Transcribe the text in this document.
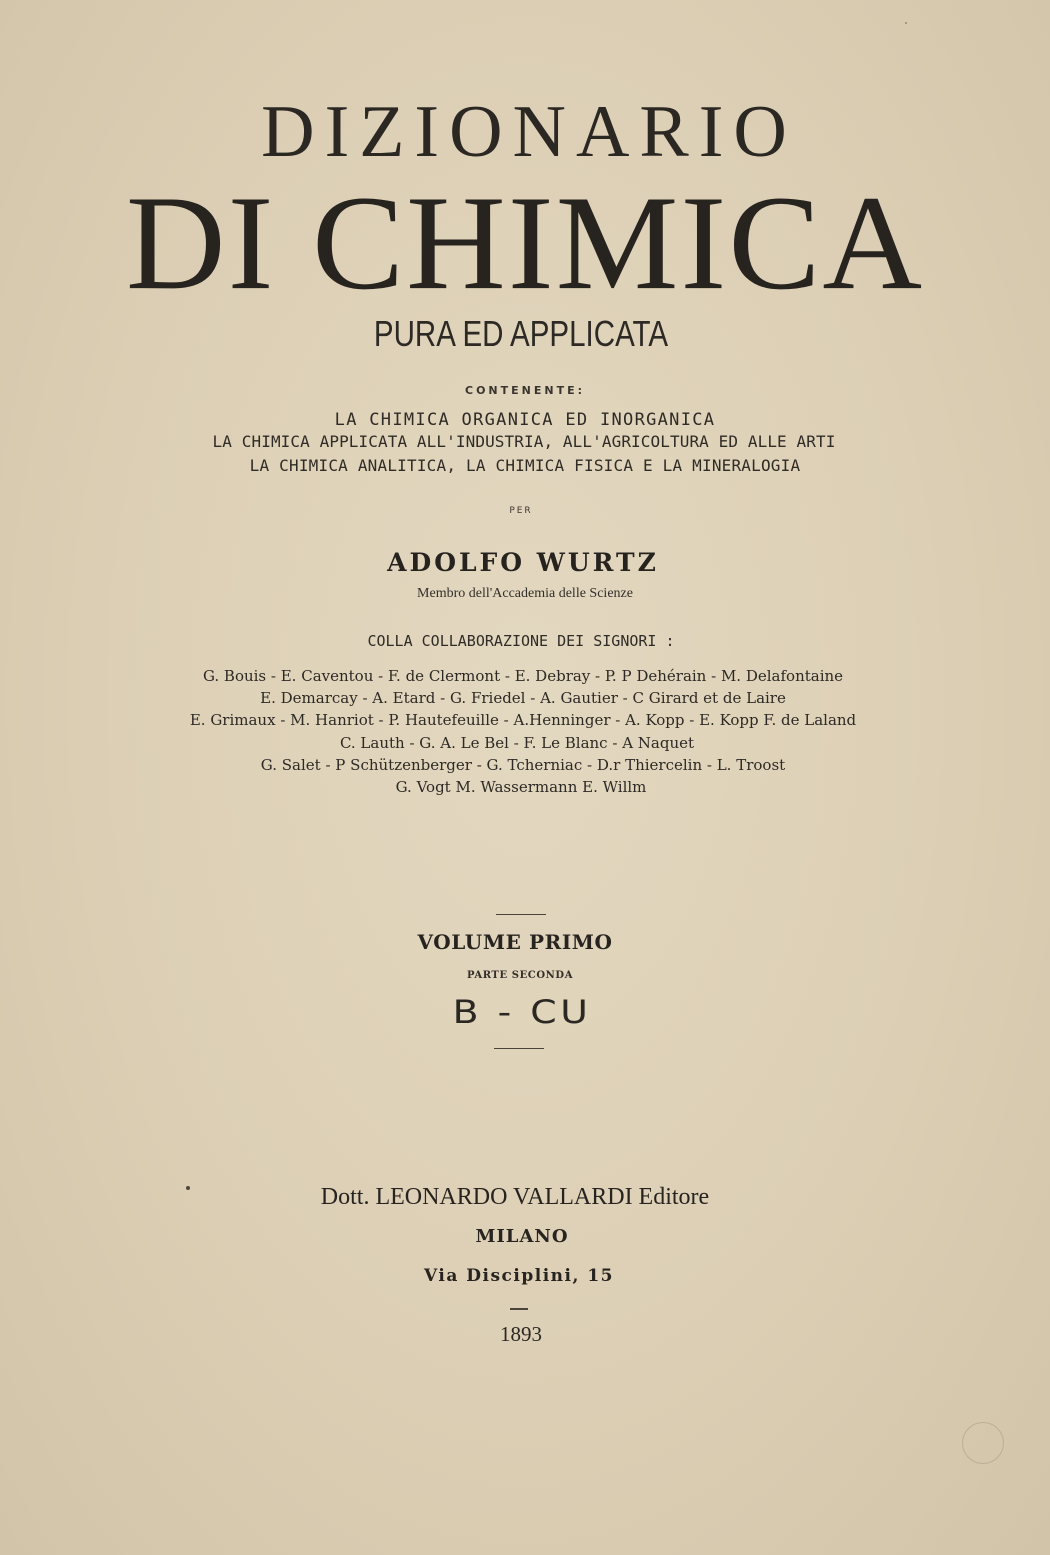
DIZIONARIO
DI CHIMICA
PURA ED APPLICATA
CONTENENTE:
LA CHIMICA ORGANICA ED INORGANICA
LA CHIMICA APPLICATA ALL'INDUSTRIA, ALL'AGRICOLTURA ED ALLE ARTI
LA CHIMICA ANALITICA, LA CHIMICA FISICA E LA MINERALOGIA
PER
ADOLFO WURTZ
Membro dell'Accademia delle Scienze
COLLA COLLABORAZIONE DEI SIGNORI :
G. Bouis - E. Caventou - F. de Clermont - E. Debray - P. P Dehérain - M. Delafontaine
E. Demarcay - A. Etard - G. Friedel - A. Gautier - C Girard et de Laire
E. Grimaux - M. Hanriot - P. Hautefeuille - A.Henninger - A. Kopp - E. Kopp F. de Laland
C. Lauth - G. A. Le Bel - F. Le Blanc - A Naquet
G. Salet - P Schützenberger - G. Tcherniac - D.r Thiercelin - L. Troost
G. Vogt M. Wassermann E. Willm
VOLUME PRIMO
PARTE SECONDA
B - CU
Dott. LEONARDO VALLARDI Editore
MILANO
Via Disciplini, 15
1893
